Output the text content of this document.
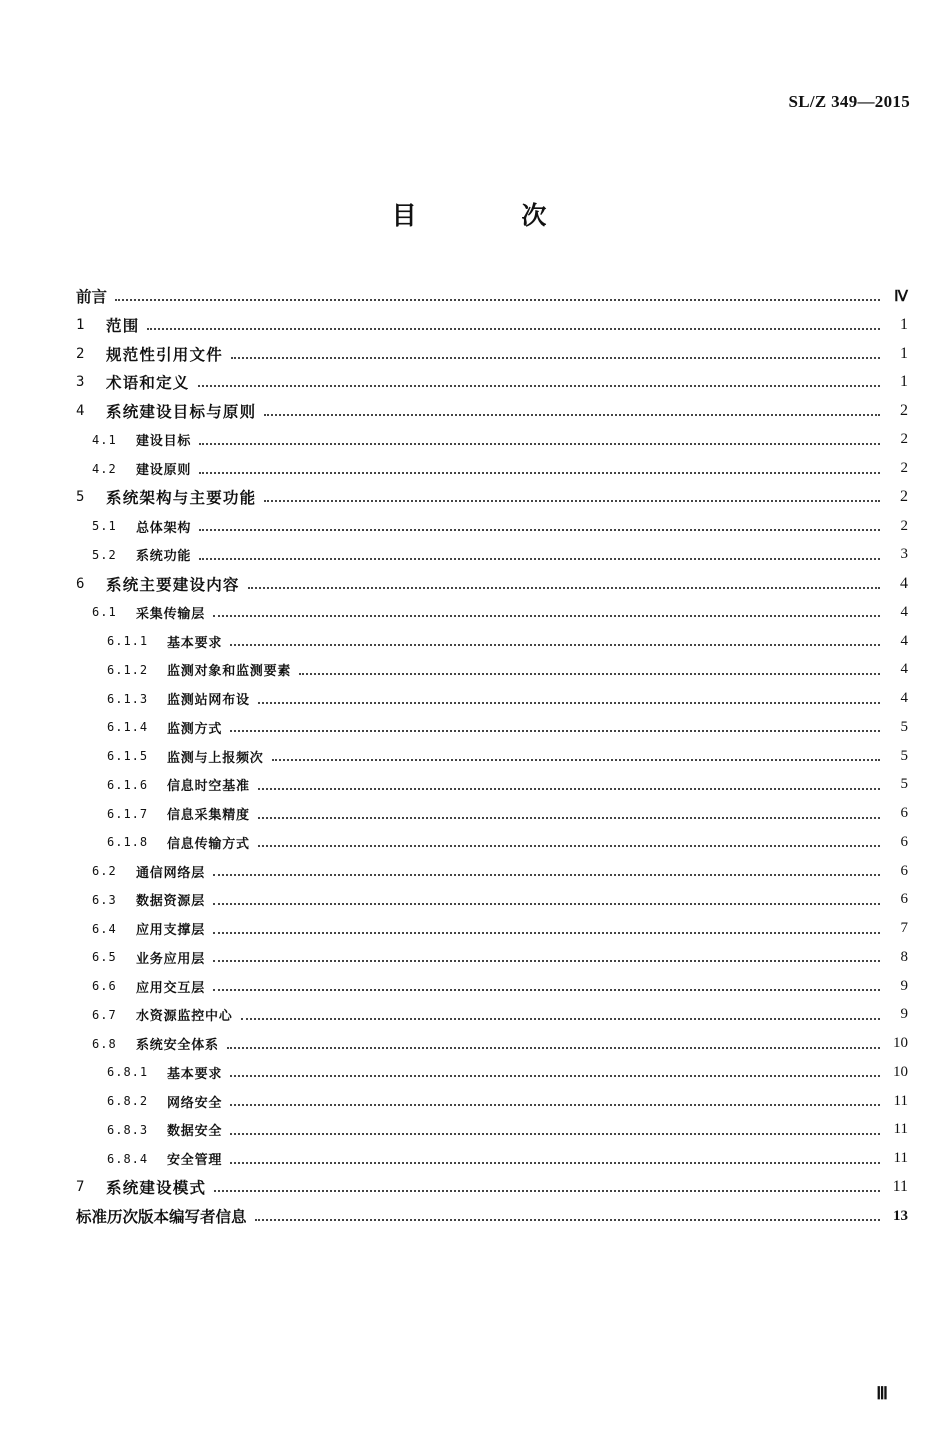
SL/Z 349—2015
目 次
前言	Ⅳ
1	范围	1
2	规范性引用文件	1
3	术语和定义	1
4	系统建设目标与原则	2
4.1	建设目标	2
4.2	建设原则	2
5	系统架构与主要功能	2
5.1	总体架构	2
5.2	系统功能	3
6	系统主要建设内容	4
6.1	采集传输层	4
6.1.1	基本要求	4
6.1.2	监测对象和监测要素	4
6.1.3	监测站网布设	4
6.1.4	监测方式	5
6.1.5	监测与上报频次	5
6.1.6	信息时空基准	5
6.1.7	信息采集精度	6
6.1.8	信息传输方式	6
6.2	通信网络层	6
6.3	数据资源层	6
6.4	应用支撑层	7
6.5	业务应用层	8
6.6	应用交互层	9
6.7	水资源监控中心	9
6.8	系统安全体系	10
6.8.1	基本要求	10
6.8.2	网络安全	11
6.8.3	数据安全	11
6.8.4	安全管理	11
7	系统建设模式	11
标准历次版本编写者信息	13
Ⅲ
